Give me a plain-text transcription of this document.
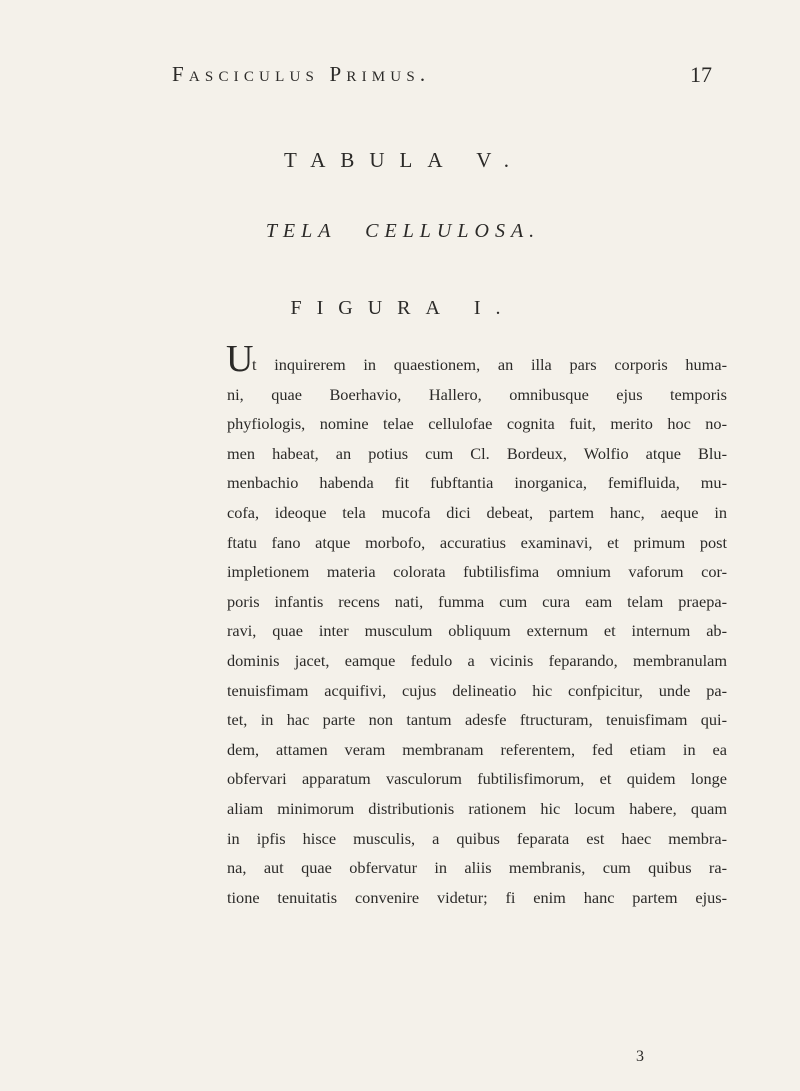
Fasciculus Primus.	17
TABULA V.
TELA CELLULOSA.
FIGURA I.
U
t inquirerem in quaestionem, an illa pars corporis huma-
ni, quae Boerhavio, Hallero, omnibusque ejus temporis
phyfiologis, nomine telae cellulofae cognita fuit, merito hoc no-
men habeat, an potius cum Cl. Bordeux, Wolfio atque Blu-
menbachio habenda fit fubftantia inorganica, femifluida, mu-
cofa, ideoque tela mucofa dici debeat, partem hanc, aeque in
ftatu fano atque morbofo, accuratius examinavi, et primum post
impletionem materia colorata fubtilisfima omnium vaforum cor-
poris infantis recens nati, fumma cum cura eam telam praepa-
ravi, quae inter musculum obliquum externum et internum ab-
dominis jacet, eamque fedulo a vicinis feparando, membranulam
tenuisfimam acquifivi, cujus delineatio hic confpicitur, unde pa-
tet, in hac parte non tantum adesfe ftructuram, tenuisfimam qui-
dem, attamen veram membranam referentem, fed etiam in ea
obfervari apparatum vasculorum fubtilisfimorum, et quidem longe
aliam minimorum distributionis rationem hic locum habere, quam
in ipfis hisce musculis, a quibus feparata est haec membra-
na, aut quae obfervatur in aliis membranis, cum quibus ra-
tione tenuitatis convenire videtur; fi enim hanc partem ejus-
3
